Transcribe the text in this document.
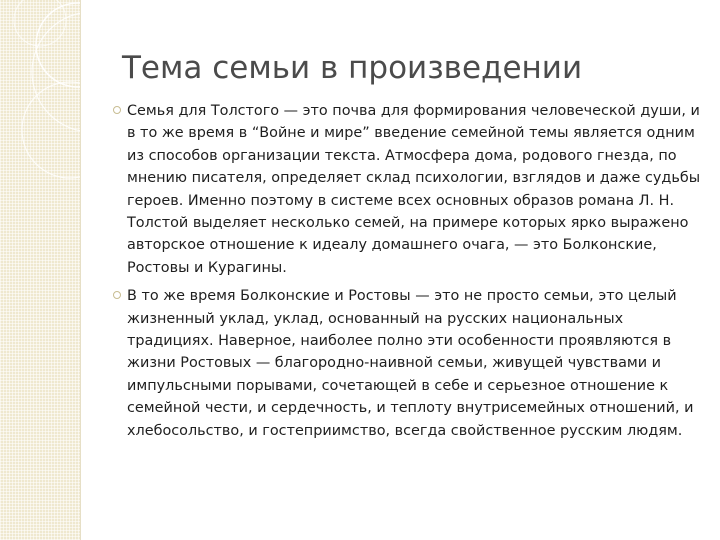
Тема семьи в произведении
Семья для Толстого — это почва для формирования человеческой души, и в то же время в “Войне и мире” введение семейной темы является одним из способов организации текста. Атмосфера дома, родового гнезда, по мнению писателя, определяет склад психологии, взглядов и даже судьбы героев. Именно поэтому в системе всех основных образов романа Л. Н. Толстой выделяет несколько семей, на примере которых ярко выражено авторское отношение к идеалу домашнего очага, — это Болконские, Ростовы и Курагины.
В то же время Болконские и Ростовы — это не просто семьи, это целый жизненный уклад, уклад, основанный на русских национальных традициях. Наверное, наиболее полно эти особенности проявляются в жизни Ростовых — благородно-наивной семьи, живущей чувствами и импульсными порывами, сочетающей в себе и серьезное отношение к семейной чести, и сердечность, и теплоту внутрисемейных отношений, и хлебосольство, и гостеприимство, всегда свойственное русским людям.
